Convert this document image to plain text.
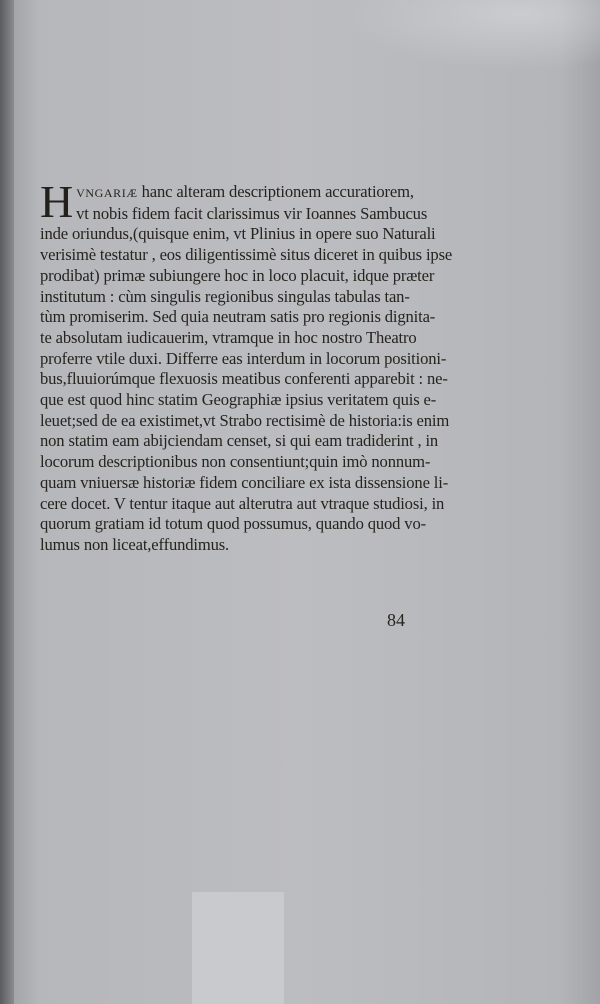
H VNGARIÆ hanc alteram descriptionem accuratiorem,
vt nobis fidem facit clarissimus vir Ioannes Sambucus
inde oriundus,(quisque enim, vt Plinius in opere suo Naturali
verisimè testatur , eos diligentissimè situs diceret in quibus ipse
prodibat) primæ subiungere hoc in loco placuit, idque præter
institutum : cùm singulis regionibus singulas tabulas tan-
tùm promiserim. Sed quia neutram satis pro regionis dignita-
te absolutam iudicauerim, vtramque in hoc nostro Theatro
proferre vtile duxi. Differre eas interdum in locorum positioni-
bus,fluuiorúmque flexuosis meatibus conferenti apparebit : ne-
que est quod hinc statim Geographiæ ipsius veritatem quis e-
leuet;sed de ea existimet,vt Strabo rectisimè de historia:is enim
non statim eam abijciendam censet, si qui eam tradiderint , in
locorum descriptionibus non consentiunt;quin imò nonnum-
quam vniuersæ historiæ fidem conciliare ex ista dissensione li-
cere docet. V tentur itaque aut alterutra aut vtraque studiosi, in
quorum gratiam id totum quod possumus, quando quod vo-
lumus non liceat,effundimus.
84
